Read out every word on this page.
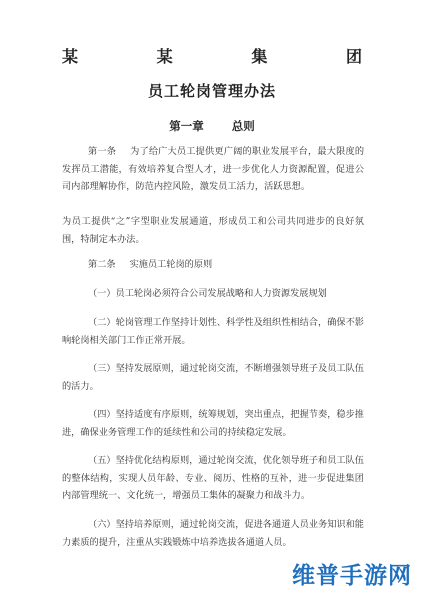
某	某	集	团
员工轮岗管理办法
第一章 总则
第一条 为了给广大员工提供更广阔的职业发展平台，最大限度的发挥员工潜能，有效培养复合型人才，进一步优化人力资源配置，促进公司内部理解协作，防范内控风险，激发员工活力，活跃思想。
为员工提供“之”字型职业发展通道，形成员工和公司共同进步的良好氛围，特制定本办法。
第二条 实施员工轮岗的原则
（一）员工轮岗必须符合公司发展战略和人力资源发展规划
（二）轮岗管理工作坚持计划性、科学性及组织性相结合，确保不影响轮岗相关部门工作正常开展。
（三）坚持发展原则，通过轮岗交流，不断增强领导班子及员工队伍的活力。
（四）坚持适度有序原则，统筹规划，突出重点，把握节奏，稳步推进，确保业务管理工作的延续性和公司的持续稳定发展。
（五）坚持优化结构原则，通过轮岗交流，优化领导班子和员工队伍的整体结构，实现人员年龄、专业、阅历、性格的互补，进一步促进集团内部管理统一、文化统一，增强员工集体的凝聚力和战斗力。
（六）坚持培养原则，通过轮岗交流，促进各通道人员业务知识和能力素质的提升，注重从实践锻炼中培养选拔各通道人员。
维普手游网
